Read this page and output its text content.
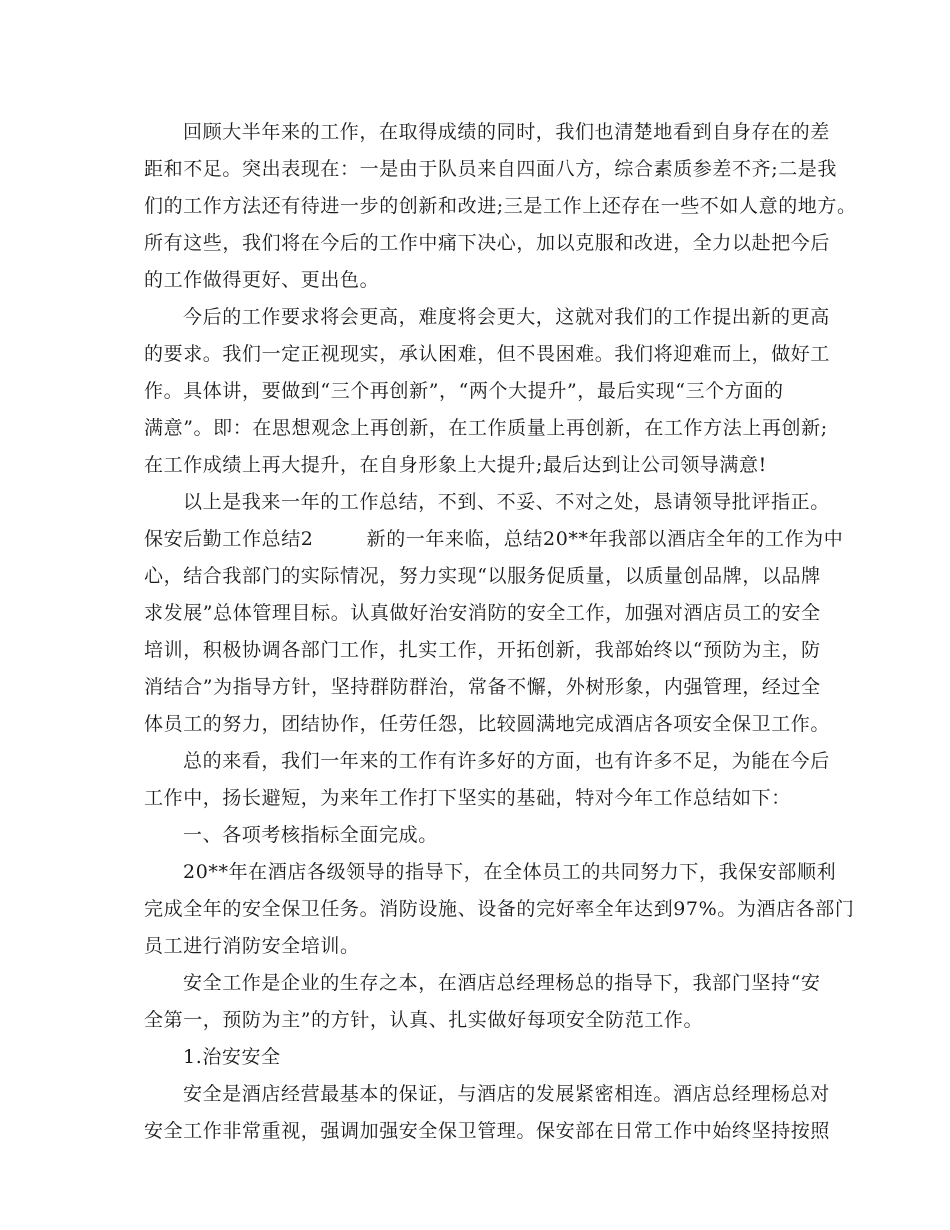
回顾大半年来的工作，在取得成绩的同时，我们也清楚地看到自身存在的差
距和不足。突出表现在：一是由于队员来自四面八方，综合素质参差不齐;二是我
们的工作方法还有待进一步的创新和改进;三是工作上还存在一些不如人意的地方。
所有这些，我们将在今后的工作中痛下决心，加以克服和改进，全力以赴把今后
的工作做得更好、更出色。
今后的工作要求将会更高，难度将会更大，这就对我们的工作提出新的更高
的要求。我们一定正视现实，承认困难，但不畏困难。我们将迎难而上，做好工
作。具体讲，要做到“三个再创新”，“两个大提升”，最后实现“三个方面的
满意”。即：在思想观念上再创新，在工作质量上再创新，在工作方法上再创新;
在工作成绩上再大提升，在自身形象上大提升;最后达到让公司领导满意!
以上是我来一年的工作总结，不到、不妥、不对之处，恳请领导批评指正。
保安后勤工作总结2        新的一年来临，总结20**年我部以酒店全年的工作为中
心，结合我部门的实际情况，努力实现“以服务促质量，以质量创品牌，以品牌
求发展”总体管理目标。认真做好治安消防的安全工作，加强对酒店员工的安全
培训，积极协调各部门工作，扎实工作，开拓创新，我部始终以“预防为主，防
消结合”为指导方针，坚持群防群治，常备不懈，外树形象，内强管理，经过全
体员工的努力，团结协作，任劳任怨，比较圆满地完成酒店各项安全保卫工作。
总的来看，我们一年来的工作有许多好的方面，也有许多不足，为能在今后
工作中，扬长避短，为来年工作打下坚实的基础，特对今年工作总结如下：
一、各项考核指标全面完成。
20**年在酒店各级领导的指导下，在全体员工的共同努力下，我保安部顺利
完成全年的安全保卫任务。消防设施、设备的完好率全年达到97%。为酒店各部门
员工进行消防安全培训。
安全工作是企业的生存之本，在酒店总经理杨总的指导下，我部门坚持“安
全第一，预防为主”的方针，认真、扎实做好每项安全防范工作。
1.治安安全
安全是酒店经营最基本的保证，与酒店的发展紧密相连。酒店总经理杨总对
安全工作非常重视，强调加强安全保卫管理。保安部在日常工作中始终坚持按照
